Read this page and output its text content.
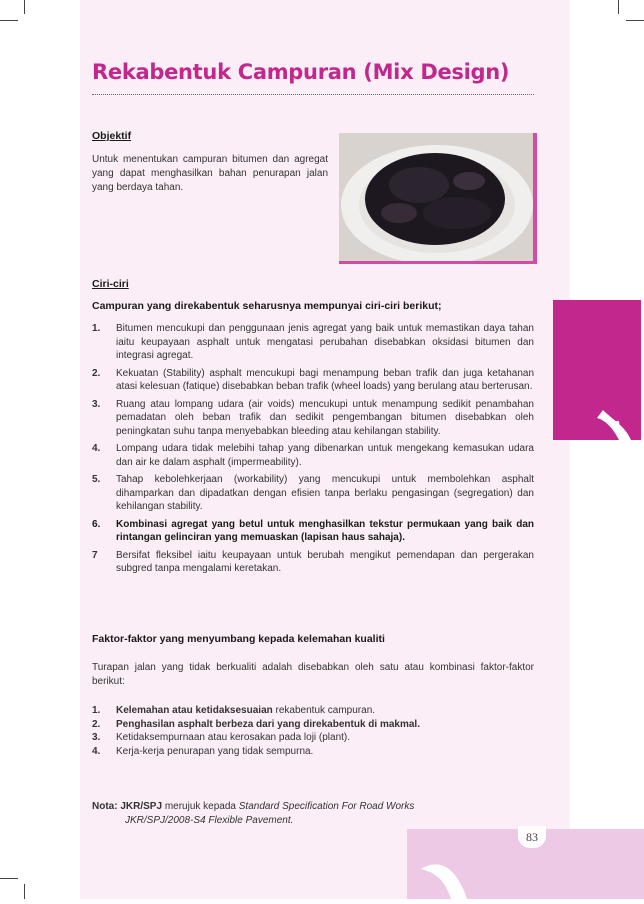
Rekabentuk Campuran (Mix Design)
Objektif
Untuk menentukan campuran bitumen dan agregat yang dapat menghasilkan bahan penurapan jalan yang berdaya tahan.
Ciri-ciri
Campuran yang direkabentuk seharusnya mempunyai ciri-ciri berikut;
1. Bitumen mencukupi dan penggunaan jenis agregat yang baik untuk memastikan daya tahan iaitu keupayaan asphalt untuk mengatasi perubahan disebabkan oksidasi bitumen dan integrasi agregat.
2. Kekuatan (Stability) asphalt mencukupi bagi menampung beban trafik dan juga ketahanan atasi kelesuan (fatique) disebabkan beban trafik (wheel loads) yang berulang atau berterusan.
3. Ruang atau lompang udara (air voids) mencukupi untuk menampung sedikit penambahan pemadatan oleh beban trafik dan sedikit pengembangan bitumen disebabkan oleh peningkatan suhu tanpa menyebabkan bleeding atau kehilangan stability.
4. Lompang udara tidak melebihi tahap yang dibenarkan untuk mengekang kemasukan udara dan air ke dalam asphalt (impermeability).
5. Tahap kebolehkerjaan (workability) yang mencukupi untuk membolehkan asphalt dihamparkan dan dipadatkan dengan efisien tanpa berlaku pengasingan (segregation) dan kehilangan stability.
6. Kombinasi agregat yang betul untuk menghasilkan tekstur permukaan yang baik dan rintangan gelinciran yang memuaskan (lapisan haus sahaja).
7 Bersifat fleksibel iaitu keupayaan untuk berubah mengikut pemendapan dan pergerakan subgred tanpa mengalami keretakan.
Faktor-faktor yang menyumbang kepada kelemahan kualiti
Turapan jalan yang tidak berkualiti adalah disebabkan oleh satu atau kombinasi faktor-faktor berikut:
1. Kelemahan atau ketidaksesuaian rekabentuk campuran.
2. Penghasilan asphalt berbeza dari yang direkabentuk di makmal.
3. Ketidaksempurnaan atau kerosakan pada loji (plant).
4. Kerja-kerja penurapan yang tidak sempurna.
Nota: JKR/SPJ merujuk kepada Standard Specification For Road Works
JKR/SPJ/2008-S4 Flexible Pavement.
83
